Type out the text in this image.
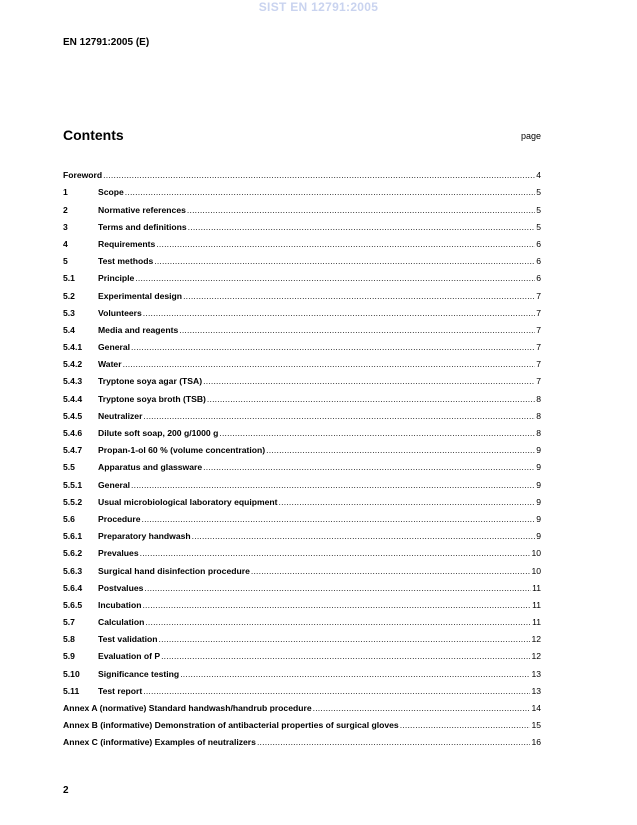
SIST EN 12791:2005
EN 12791:2005 (E)
Contents	page
Foreword .....	4
1	Scope .....	5
2	Normative references .....	5
3	Terms and definitions .....	5
4	Requirements .....	6
5	Test methods .....	6
5.1	Principle .....	6
5.2	Experimental design .....	7
5.3	Volunteers .....	7
5.4	Media and reagents .....	7
5.4.1	General .....	7
5.4.2	Water .....	7
5.4.3	Tryptone soya agar (TSA) .....	7
5.4.4	Tryptone soya broth (TSB) .....	8
5.4.5	Neutralizer .....	8
5.4.6	Dilute soft soap, 200 g/1000 g .....	8
5.4.7	Propan-1-ol 60 % (volume concentration) .....	9
5.5	Apparatus and glassware .....	9
5.5.1	General .....	9
5.5.2	Usual microbiological laboratory equipment .....	9
5.6	Procedure .....	9
5.6.1	Preparatory handwash .....	9
5.6.2	Prevalues .....	10
5.6.3	Surgical hand disinfection procedure .....	10
5.6.4	Postvalues .....	11
5.6.5	Incubation .....	11
5.7	Calculation .....	11
5.8	Test validation .....	12
5.9	Evaluation of P .....	12
5.10	Significance testing .....	13
5.11	Test report .....	13
Annex A (normative) Standard handwash/handrub procedure .....	14
Annex B (informative) Demonstration of antibacterial properties of surgical gloves .....	15
Annex C (informative) Examples of neutralizers .....	16
2
